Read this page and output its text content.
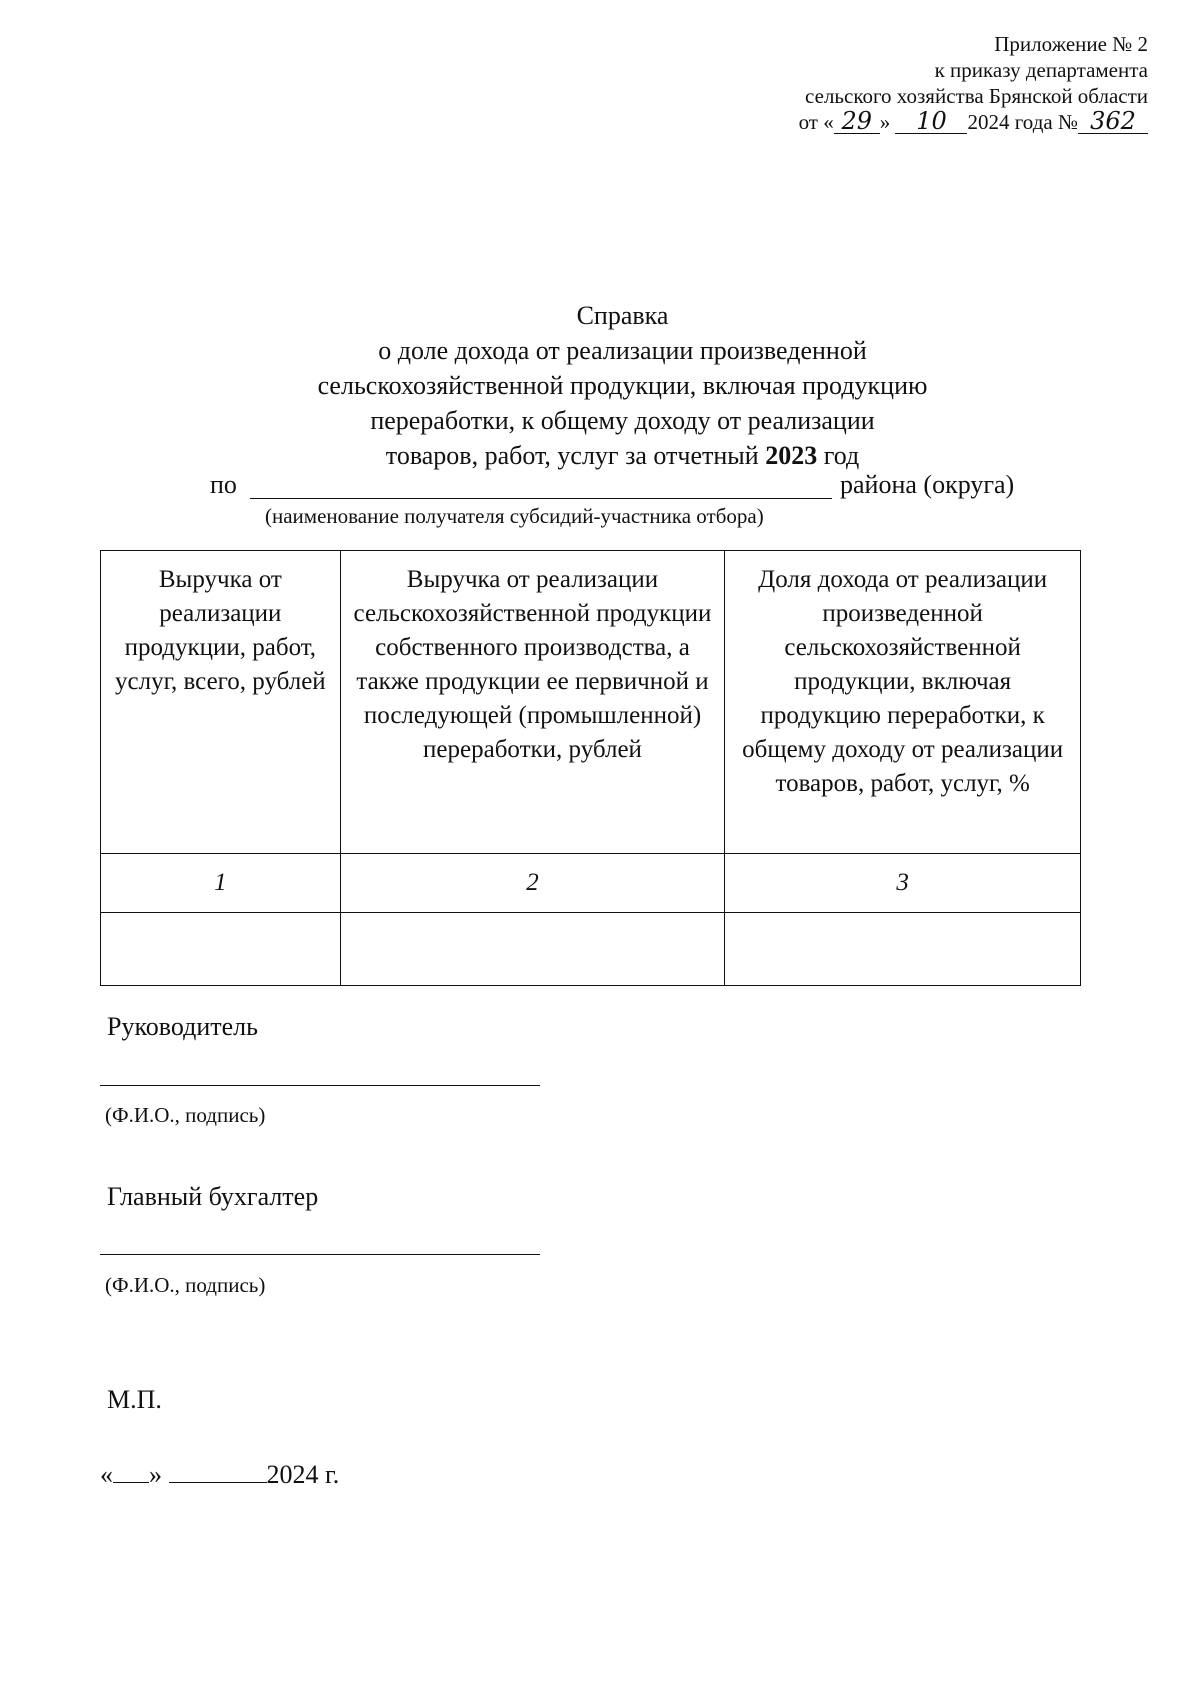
Приложение № 2
к приказу департамента
сельского хозяйства Брянской области
от « 29 » 10 2024 года № 362
Справка
о доле дохода от реализации произведенной
сельскохозяйственной продукции, включая продукцию
переработки, к общему доходу от реализации
товаров, работ, услуг за отчетный 2023 год
по	района (округа)
(наименование получателя субсидий-участника отбора)
Выручка от реализации продукции, работ, услуг, всего, рублей	Выручка от реализации сельскохозяйственной продукции собственного производства, а также продукции ее первичной и последующей (промышленной) переработки, рублей	Доля дохода от реализации произведенной сельскохозяйственной продукции, включая продукцию переработки, к общему доходу от реализации товаров, работ, услуг, %
1	2	3

Руководитель
(Ф.И.О., подпись)
Главный бухгалтер
(Ф.И.О., подпись)
М.П.
« »	2024 г.
